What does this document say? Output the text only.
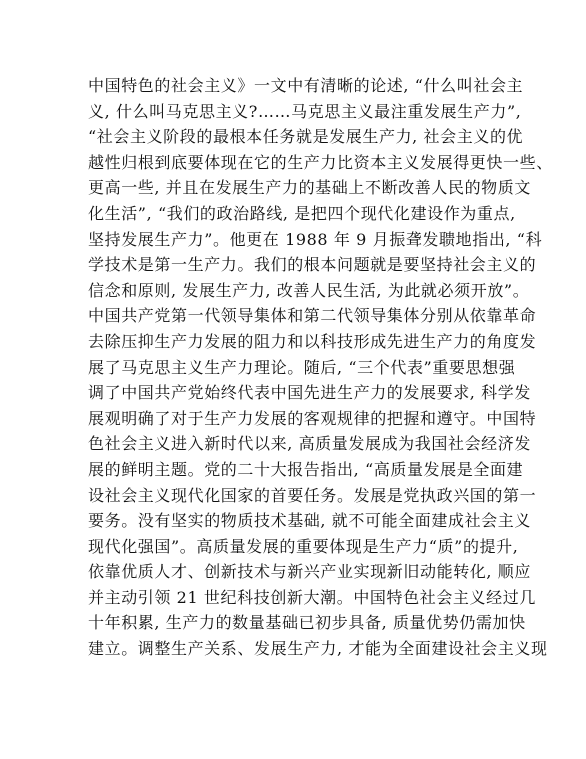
中国特色的社会主义》一文中有清晰的论述, “什么叫社会主
义, 什么叫马克思主义?……马克思主义最注重发展生产力”,
“社会主义阶段的最根本任务就是发展生产力, 社会主义的优
越性归根到底要体现在它的生产力比资本主义发展得更快一些、
更高一些, 并且在发展生产力的基础上不断改善人民的物质文
化生活”, “我们的政治路线, 是把四个现代化建设作为重点,
坚持发展生产力”。他更在 1988 年 9 月振聋发聩地指出, “科
学技术是第一生产力。我们的根本问题就是要坚持社会主义的
信念和原则, 发展生产力, 改善人民生活, 为此就必须开放”。
中国共产党第一代领导集体和第二代领导集体分别从依靠革命
去除压抑生产力发展的阻力和以科技形成先进生产力的角度发
展了马克思主义生产力理论。随后, “三个代表”重要思想强
调了中国共产党始终代表中国先进生产力的发展要求, 科学发
展观明确了对于生产力发展的客观规律的把握和遵守。中国特
色社会主义进入新时代以来, 高质量发展成为我国社会经济发
展的鲜明主题。党的二十大报告指出, “高质量发展是全面建
设社会主义现代化国家的首要任务。发展是党执政兴国的第一
要务。没有坚实的物质技术基础, 就不可能全面建成社会主义
现代化强国”。高质量发展的重要体现是生产力“质”的提升,
依靠优质人才、创新技术与新兴产业实现新旧动能转化, 顺应
并主动引领 21 世纪科技创新大潮。中国特色社会主义经过几
十年积累, 生产力的数量基础已初步具备, 质量优势仍需加快
建立。调整生产关系、发展生产力, 才能为全面建设社会主义现
